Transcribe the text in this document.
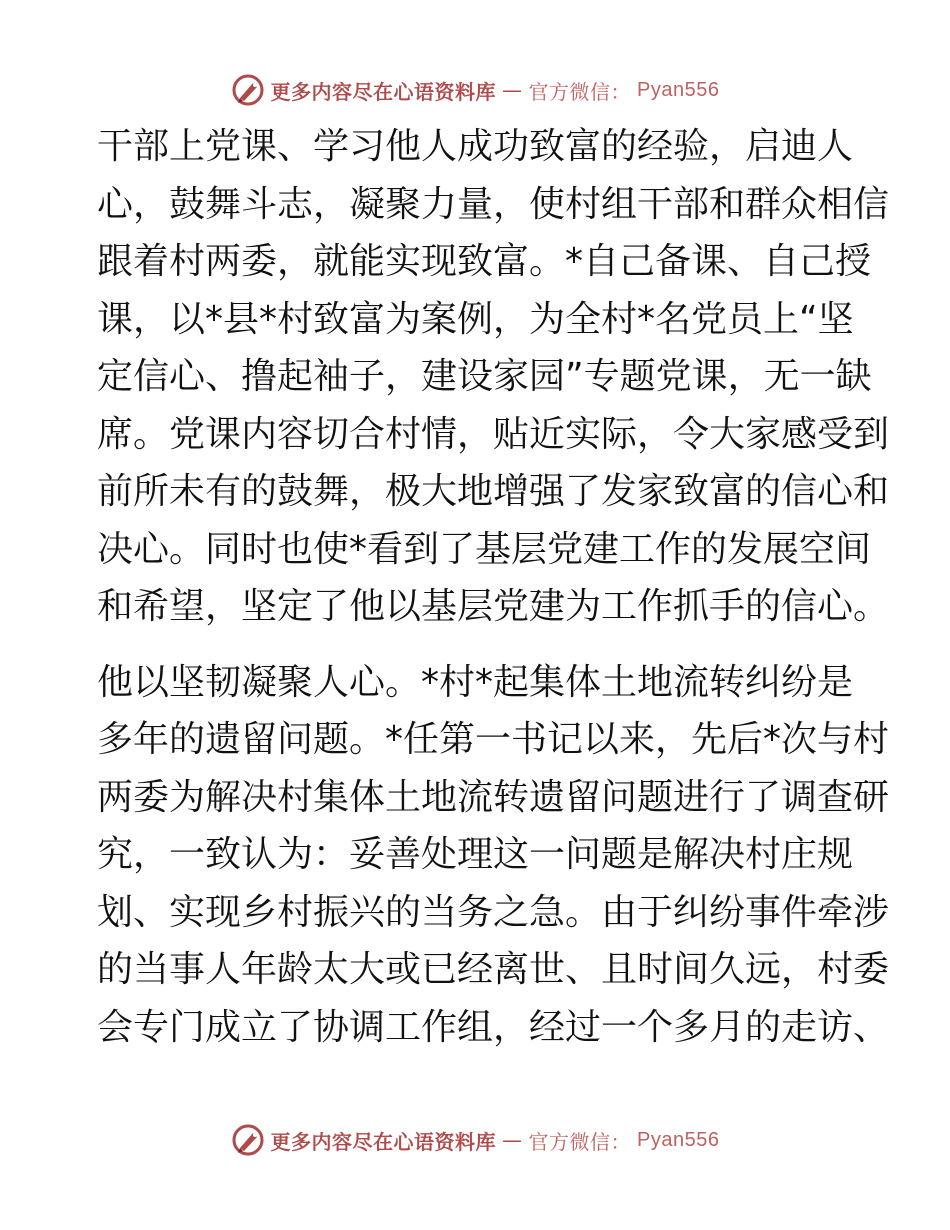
更多内容尽在心语资料库 — 官方微信： Pyan556
干部上党课、学习他人成功致富的经验，启迪人
心，鼓舞斗志，凝聚力量，使村组干部和群众相信
跟着村两委，就能实现致富。*自己备课、自己授
课，以*县*村致富为案例，为全村*名党员上“坚
定信心、撸起袖子，建设家园”专题党课，无一缺
席。党课内容切合村情，贴近实际，令大家感受到
前所未有的鼓舞，极大地增强了发家致富的信心和
决心。同时也使*看到了基层党建工作的发展空间
和希望，坚定了他以基层党建为工作抓手的信心。
他以坚韧凝聚人心。*村*起集体土地流转纠纷是
多年的遗留问题。*任第一书记以来，先后*次与村
两委为解决村集体土地流转遗留问题进行了调查研
究，一致认为：妥善处理这一问题是解决村庄规
划、实现乡村振兴的当务之急。由于纠纷事件牵涉
的当事人年龄太大或已经离世、且时间久远，村委
会专门成立了协调工作组，经过一个多月的走访、
更多内容尽在心语资料库 — 官方微信： Pyan556
